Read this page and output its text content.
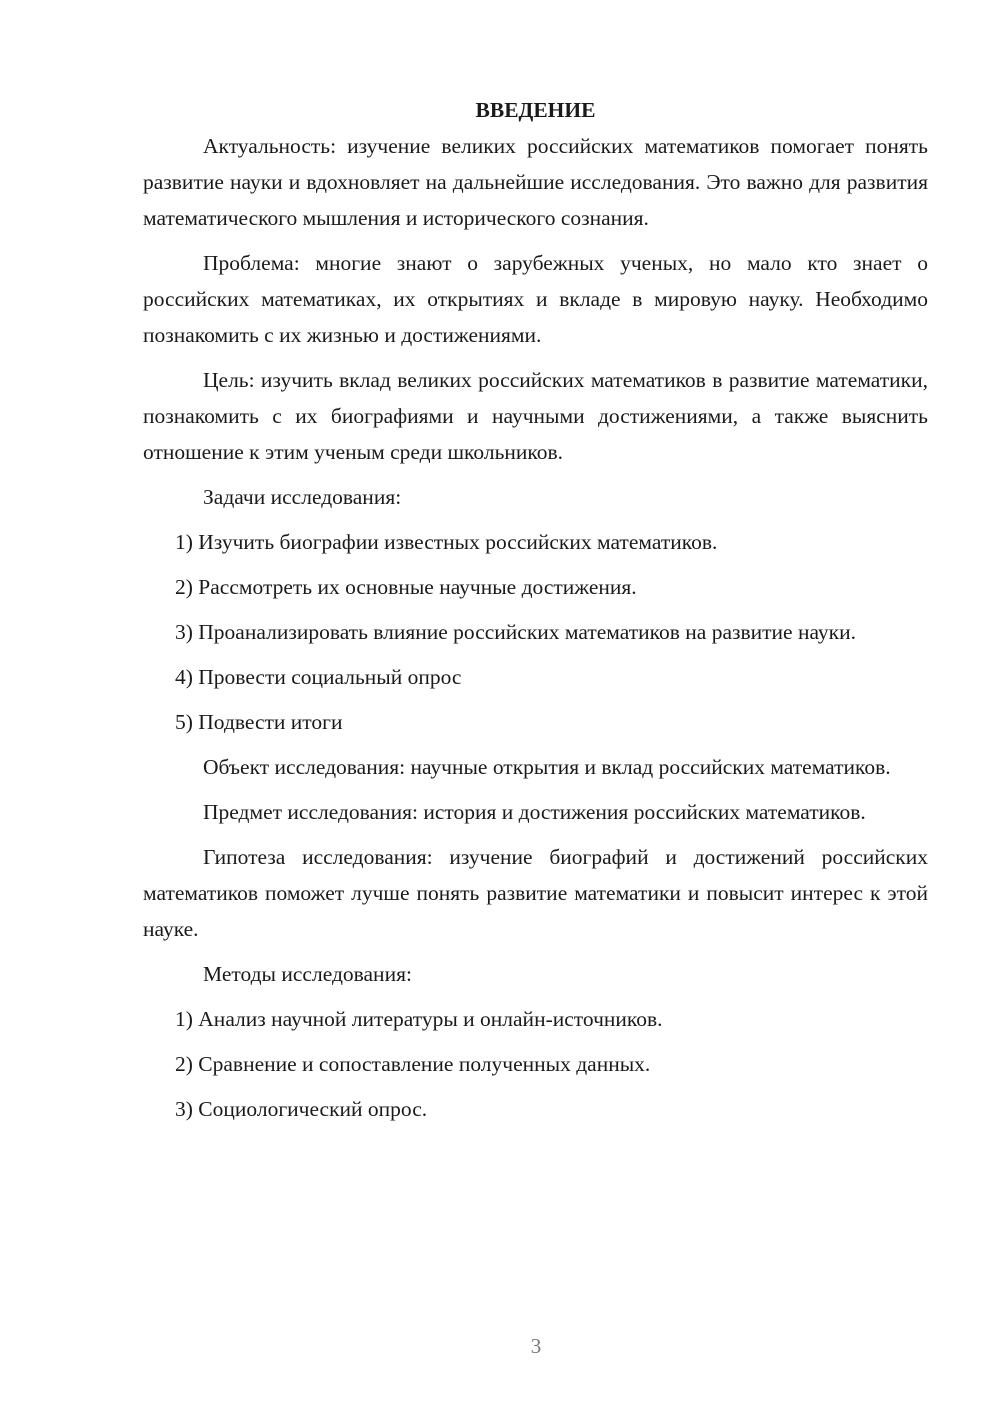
ВВЕДЕНИЕ

Актуальность: изучение великих российских математиков помогает понять развитие науки и вдохновляет на дальнейшие исследования. Это важно для развития математического мышления и исторического сознания.

Проблема: многие знают о зарубежных ученых, но мало кто знает о российских математиках, их открытиях и вкладе в мировую науку. Необходимо познакомить с их жизнью и достижениями.

Цель: изучить вклад великих российских математиков в развитие математики, познакомить с их биографиями и научными достижениями, а также выяснить отношение к этим ученым среди школьников.

Задачи исследования:

1) Изучить биографии известных российских математиков.

2) Рассмотреть их основные научные достижения.

3) Проанализировать влияние российских математиков на развитие науки.

4) Провести социальный опрос

5) Подвести итоги

Объект исследования: научные открытия и вклад российских математиков.

Предмет исследования: история и достижения российских математиков.

Гипотеза исследования: изучение биографий и достижений российских математиков поможет лучше понять развитие математики и повысит интерес к этой науке.

Методы исследования:

1) Анализ научной литературы и онлайн-источников.

2) Сравнение и сопоставление полученных данных.

3) Социологический опрос.

3
